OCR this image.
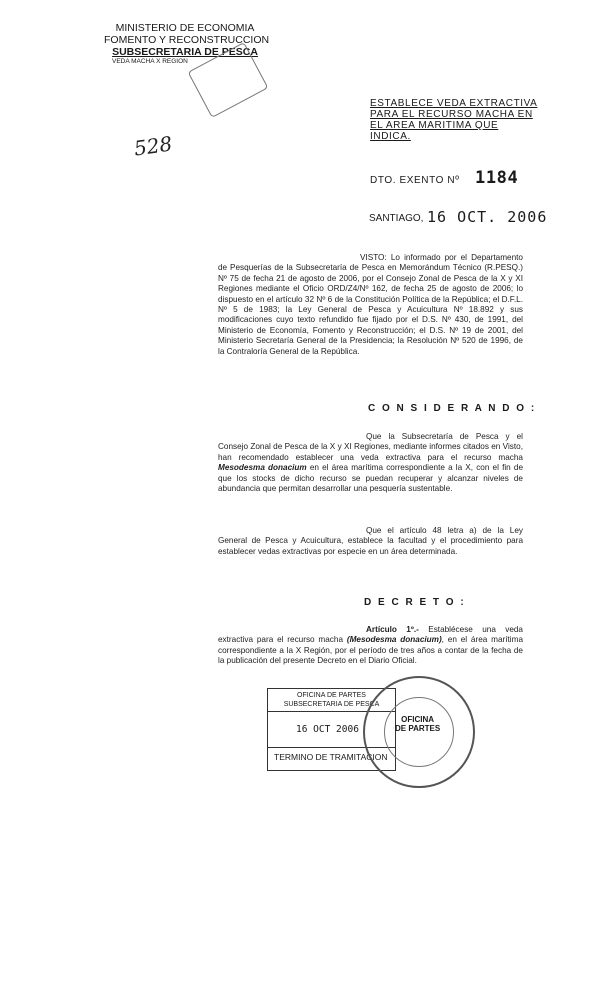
MINISTERIO DE ECONOMIA
FOMENTO Y RECONSTRUCCION
SUBSECRETARIA DE PESCA
VEDA MACHA X REGION
528
ESTABLECE VEDA EXTRACTIVA PARA EL RECURSO MACHA EN EL AREA MARITIMA QUE INDICA.
DTO. EXENTO Nº 1184
SANTIAGO, 16 OCT. 2006
VISTO: Lo informado por el Departamento de Pesquerías de la Subsecretaría de Pesca en Memorándum Técnico (R.PESQ.) Nº 75 de fecha 21 de agosto de 2006, por el Consejo Zonal de Pesca de la X y XI Regiones mediante el Oficio ORD/Z4/Nº 162, de fecha 25 de agosto de 2006; lo dispuesto en el artículo 32 Nº 6 de la Constitución Política de la República; el D.F.L. Nº 5 de 1983; la Ley General de Pesca y Acuicultura Nº 18.892 y sus modificaciones cuyo texto refundido fue fijado por el D.S. Nº 430, de 1991, del Ministerio de Economía, Fomento y Reconstrucción; el D.S. Nº 19 de 2001, del Ministerio Secretaría General de la Presidencia; la Resolución Nº 520 de 1996, de la Contraloría General de la República.
C O N S I D E R A N D O :
Que la Subsecretaría de Pesca y el Consejo Zonal de Pesca de la X y XI Regiones, mediante informes citados en Visto, han recomendado establecer una veda extractiva para el recurso macha Mesodesma donacium en el área marítima correspondiente a la X, con el fin de que los stocks de dicho recurso se puedan recuperar y alcanzar niveles de abundancia que permitan desarrollar una pesquería sustentable.
Que el artículo 48 letra a) de la Ley General de Pesca y Acuicultura, establece la facultad y el procedimiento para establecer vedas extractivas por especie en un área determinada.
D E C R E T O :
Artículo 1º.- Establécese una veda extractiva para el recurso macha (Mesodesma donacium), en el área marítima correspondiente a la X Región, por el período de tres años a contar de la fecha de la publicación del presente Decreto en el Diario Oficial.
OFICINA DE PARTES
SUBSECRETARIA DE PESCA
16 OCT 2006
TERMINO DE TRAMITACION
OFICINA
DE PARTES
